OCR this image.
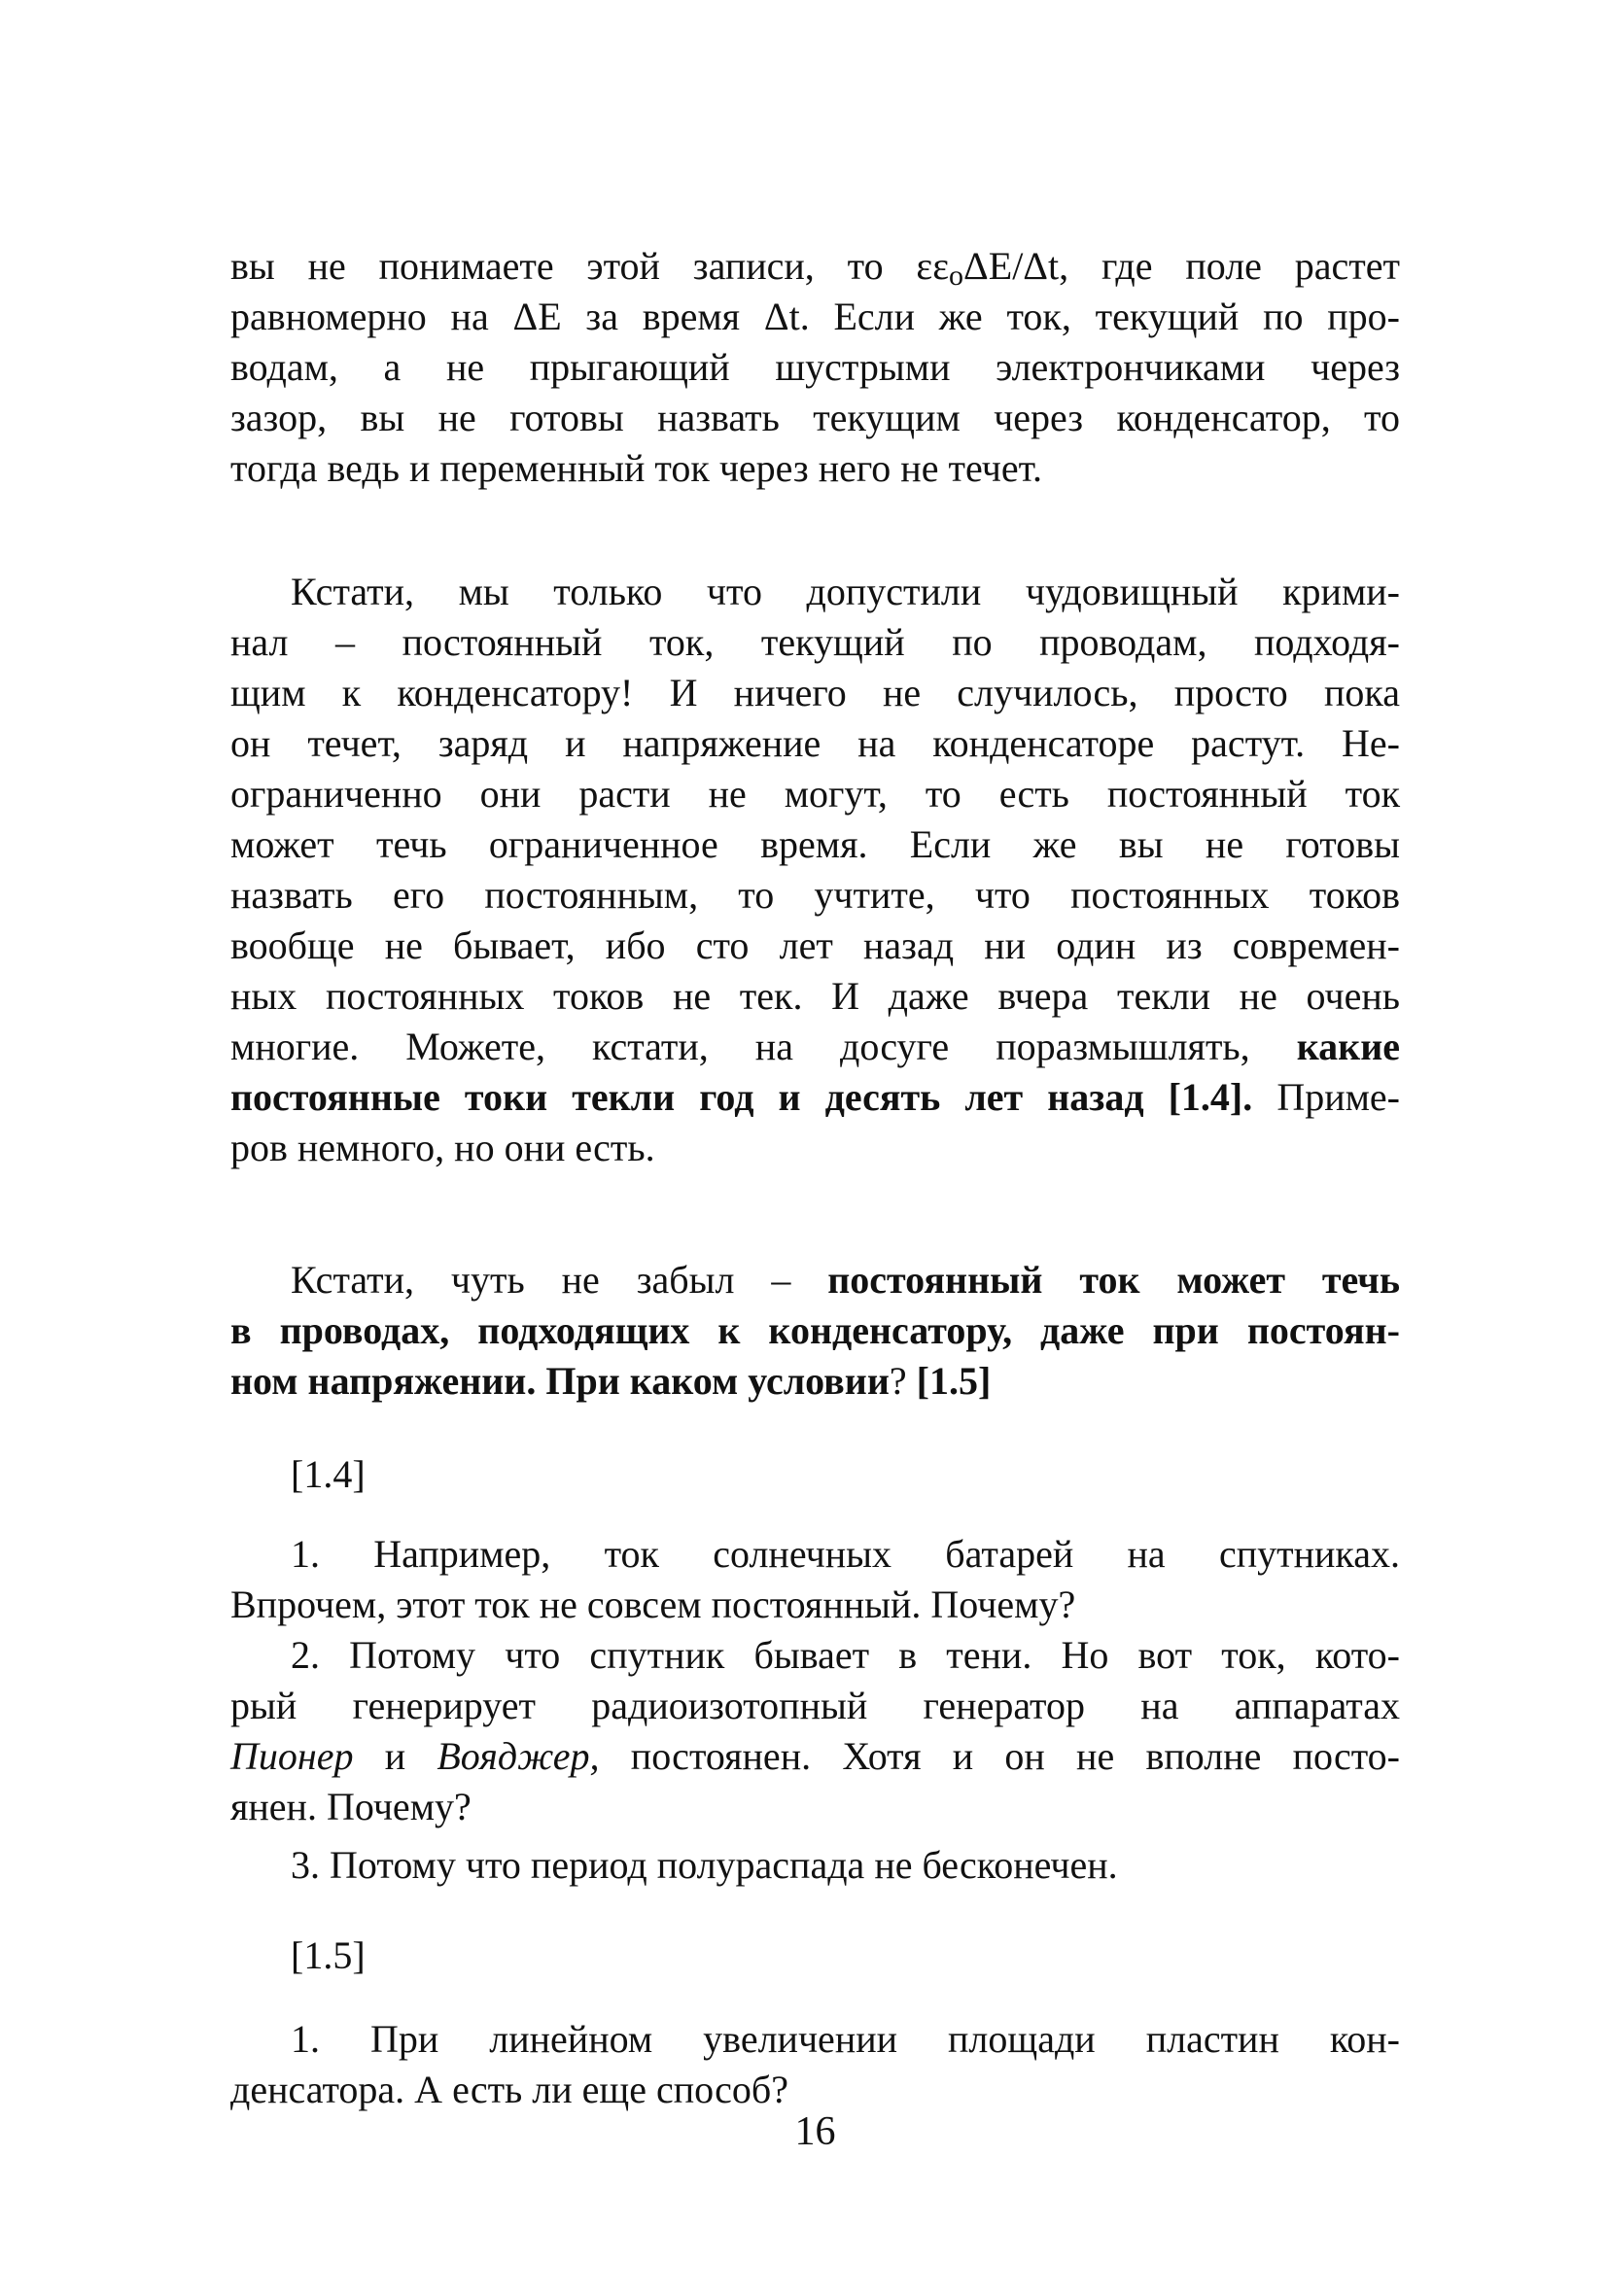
вы не понимаете этой записи, то $\varepsilon\varepsilon_o\Delta E/\Delta t$, где поле растет
равномерно на ΔE за время Δt. Если же ток, текущий по про-
водам, а не прыгающий шустрыми электрончиками через
зазор, вы не готовы назвать текущим через конденсатор, то
тогда ведь и переменный ток через него не течет.
Кстати, мы только что допустили чудовищный крими-
нал – постоянный ток, текущий по проводам, подходя-
щим к конденсатору! И ничего не случилось, просто пока
он течет, заряд и напряжение на конденсаторе растут. Не-
ограниченно они расти не могут, то есть постоянный ток
может течь ограниченное время. Если же вы не готовы
назвать его постоянным, то учтите, что постоянных токов
вообще не бывает, ибо сто лет назад ни один из современ-
ных постоянных токов не тек. И даже вчера текли не очень
многие. Можете, кстати, на досуге поразмышлять, какие
постоянные токи текли год и десять лет назад [1.4]. Приме-
ров немного, но они есть.
Кстати, чуть не забыл – постоянный ток может течь
в проводах, подходящих к конденсатору, даже при постоян-
ном напряжении. При каком условии? [1.5]
[1.4]
1. Например, ток солнечных батарей на спутниках.
Впрочем, этот ток не совсем постоянный. Почему?
2. Потому что спутник бывает в тени. Но вот ток, кото-
рый генерирует радиоизотопный генератор на аппаратах
Пионер и Вояджер, постоянен. Хотя и он не вполне посто-
янен. Почему?
3. Потому что период полураспада не бесконечен.
[1.5]
1. При линейном увеличении площади пластин кон-
денсатора. А есть ли еще способ?
16
